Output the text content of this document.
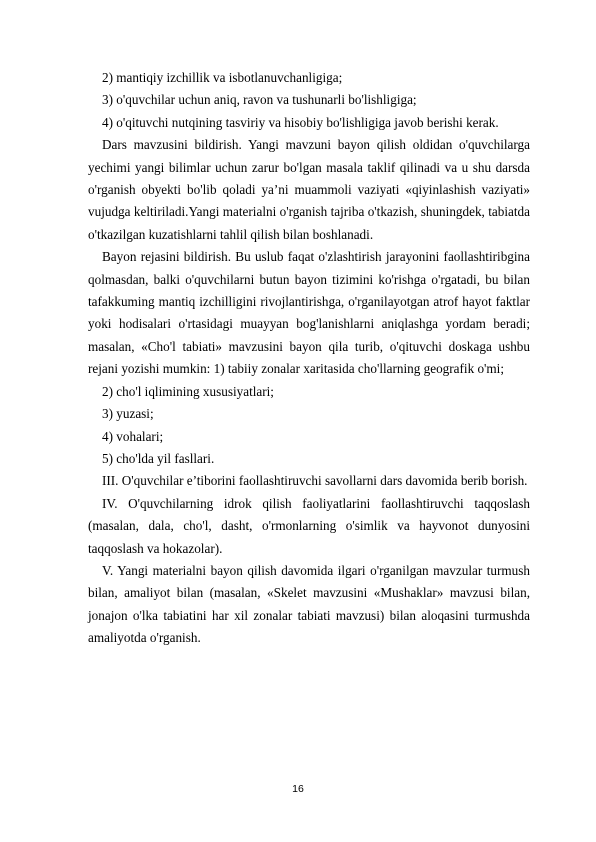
2) mantiqiy izchillik va isbotlanuvchanligiga;

3) o'quvchilar uchun aniq, ravon va tushunarli bo'lishligiga;

4) o'qituvchi nutqining tasviriy va hisobiy bo'lishligiga javob berishi kerak.

Dars mavzusini bildirish. Yangi mavzuni bayon qilish oldidan o'quvchilarga yechimi yangi bilimlar uchun zarur bo'lgan masala taklif qilinadi va u shu darsda o'rganish obyekti bo'lib qoladi ya’ni muammoli vaziyati «qiyinlashish vaziyati» vujudga keltiriladi.Yangi materialni o'rganish tajriba o'tkazish, shuningdek, tabiatda o'tkazilgan kuzatishlarni tahlil qilish bilan boshlanadi.

Bayon rejasini bildirish. Bu uslub faqat o'zlashtirish jarayonini faollashtiribgina qolmasdan, balki o'quvchilarni butun bayon tizimini ko'rishga o'rgatadi, bu bilan tafakkuming mantiq izchilligini rivojlantirishga, o'rganilayotgan atrof hayot faktlar yoki hodisalari o'rtasidagi muayyan bog'lanishlarni aniqlashga yordam beradi; masalan, «Cho'l tabiati» mavzusini bayon qila turib, o'qituvchi doskaga ushbu rejani yozishi mumkin: 1) tabiiy zonalar xaritasida cho'llarning geografik o'mi;

2) cho'l iqlimining xususiyatlari;

3) yuzasi;

4) vohalari;

5) cho'lda yil fasllari.

III. O'quvchilar e’tiborini faollashtiruvchi savollarni dars davomida berib borish.

IV. O'quvchilarning idrok qilish faoliyatlarini faollashtiruvchi taqqoslash (masalan, dala, cho'l, dasht, o'rmonlarning o'simlik va hayvonot dunyosini taqqoslash va hokazolar).

V. Yangi materialni bayon qilish davomida ilgari o'rganilgan mavzular turmush bilan, amaliyot bilan (masalan, «Skelet mavzusini «Mushaklar» mavzusi bilan, jonajon o'lka tabiatini har xil zonalar tabiati mavzusi) bilan aloqasini turmushda amaliyotda o'rganish.

16
